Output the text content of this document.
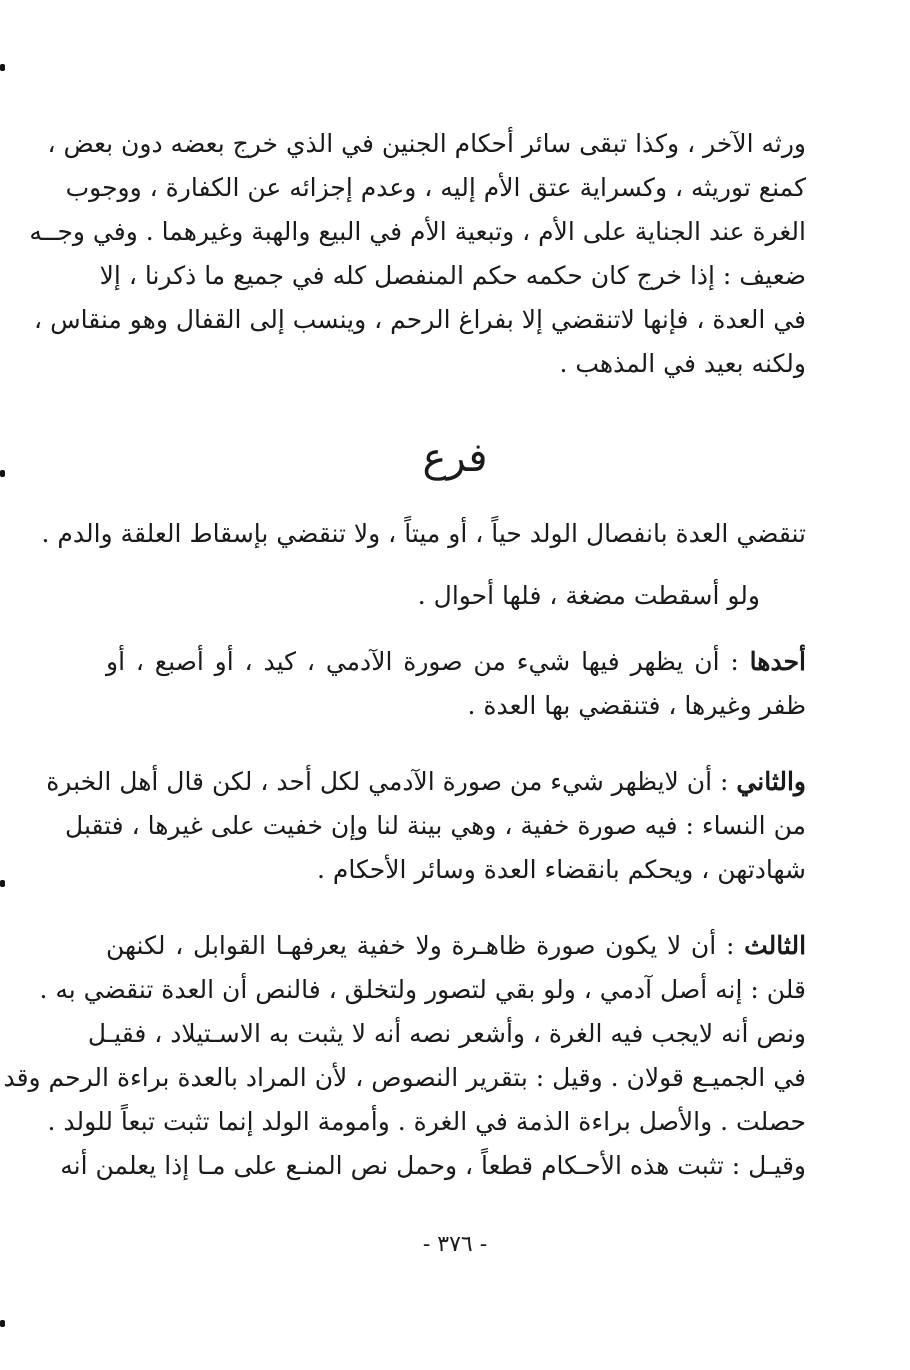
ورثه الآخر ، وكذا تبقى سائر أحكام الجنين في الذي خرج بعضه دون بعض ،
كمنع توريثه ، وكسراية عتق الأم إليه ، وعدم إجزائه عن الكفارة ، ووجوب
الغرة عند الجناية على الأم ، وتبعية الأم في البيع والهبة وغيرهما . وفي وجــه
ضعيف : إذا خرج كان حكمه حكم المنفصل كله في جميع ما ذكرنا ، إلا
في العدة ، فإنها لاتنقضي إلا بفراغ الرحم ، وينسب إلى القفال وهو منقاس ،
ولكنه بعيد في المذهب .
فرع
تنقضي العدة بانفصال الولد حياً ، أو ميتاً ، ولا تنقضي بإسقاط العلقة والدم .
ولو أسقطت مضغة ، فلها أحوال .
أحدها : أن يظهر فيها شيء من صورة الآدمي ، كيد ، أو أصبع ، أو
ظفر وغيرها ، فتنقضي بها العدة .
والثاني : أن لايظهر شيء من صورة الآدمي لكل أحد ، لكن قال أهل الخبرة
من النساء : فيه صورة خفية ، وهي بينة لنا وإن خفيت على غيرها ، فتقبل
شهادتهن ، ويحكم بانقضاء العدة وسائر الأحكام .
الثالث : أن لا يكون صورة ظاهـرة ولا خفية يعرفهـا القوابل ، لكنهن
قلن : إنه أصل آدمي ، ولو بقي لتصور ولتخلق ، فالنص أن العدة تنقضي به .
ونص أنه لايجب فيه الغرة ، وأشعر نصه أنه لا يثبت به الاسـتيلاد ، فقيـل
في الجميـع قولان . وقيل : بتقرير النصوص ، لأن المراد بالعدة براءة الرحم وقد
حصلت . والأصل براءة الذمة في الغرة . وأمومة الولد إنما تثبت تبعاً للولد .
وقيـل : تثبت هذه الأحـكام قطعاً ، وحمل نص المنـع على مـا إذا يعلمن أنه
- ٣٧٦ -
